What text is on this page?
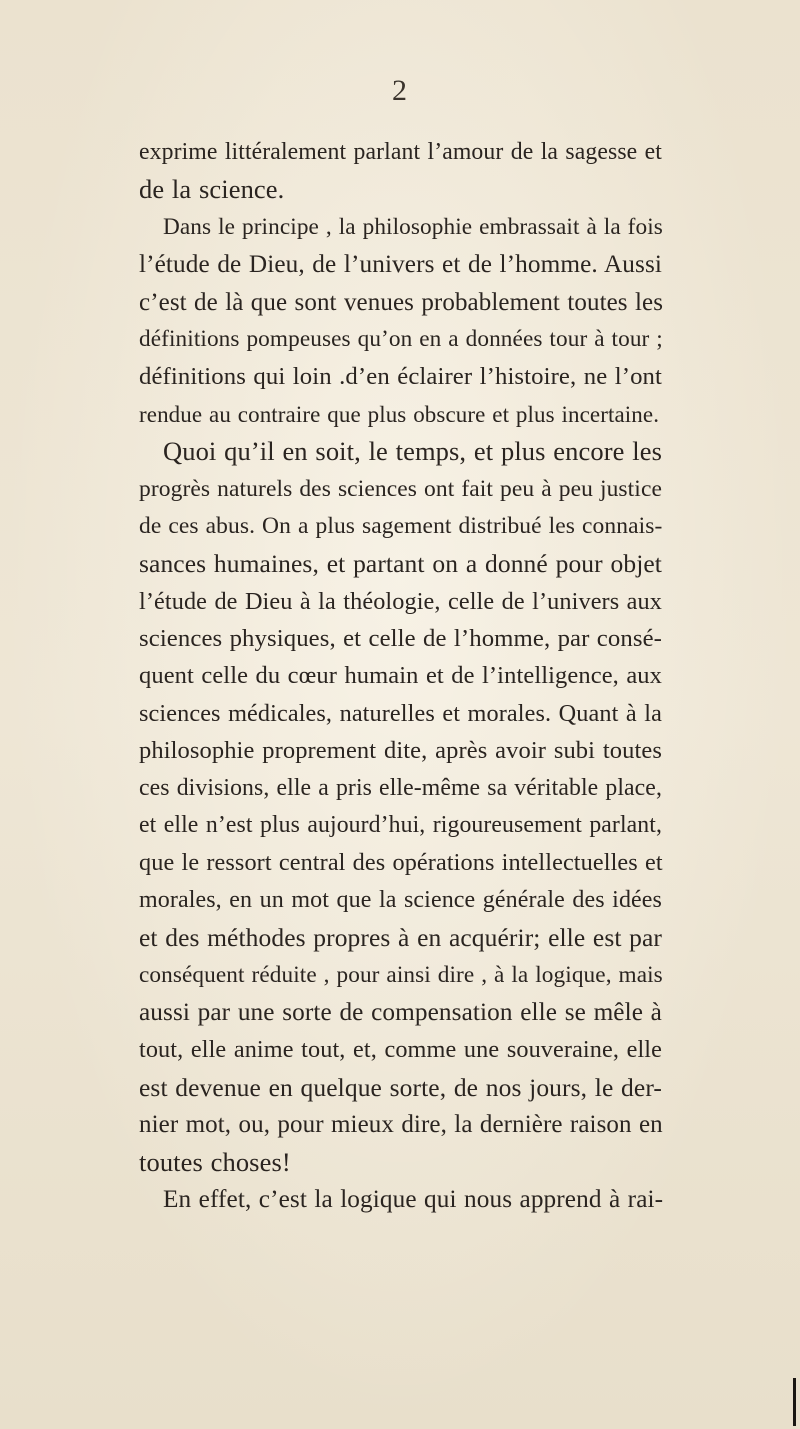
2
exprime littéralement parlant l’amour de la sagesse et
de la science.
Dans le principe , la philosophie embrassait à la fois
l’étude de Dieu, de l’univers et de l’homme. Aussi
c’est de là que sont venues probablement toutes les
définitions pompeuses qu’on en a données tour à tour ;
définitions qui loin .d’en éclairer l’histoire, ne l’ont
rendue au contraire que plus obscure et plus incertaine.
Quoi qu’il en soit, le temps, et plus encore les
progrès naturels des sciences ont fait peu à peu justice
de ces abus. On a plus sagement distribué les connais-
sances humaines, et partant on a donné pour objet
l’étude de Dieu à la théologie, celle de l’univers aux
sciences physiques, et celle de l’homme, par consé-
quent celle du cœur humain et de l’intelligence, aux
sciences médicales, naturelles et morales. Quant à la
philosophie proprement dite, après avoir subi toutes
ces divisions, elle a pris elle-même sa véritable place,
et elle n’est plus aujourd’hui, rigoureusement parlant,
que le ressort central des opérations intellectuelles et
morales, en un mot que la science générale des idées
et des méthodes propres à en acquérir; elle est par
conséquent réduite , pour ainsi dire , à la logique, mais
aussi par une sorte de compensation elle se mêle à
tout, elle anime tout, et, comme une souveraine, elle
est devenue en quelque sorte, de nos jours, le der-
nier mot, ou, pour mieux dire, la dernière raison en
toutes choses!
En effet, c’est la logique qui nous apprend à rai-
